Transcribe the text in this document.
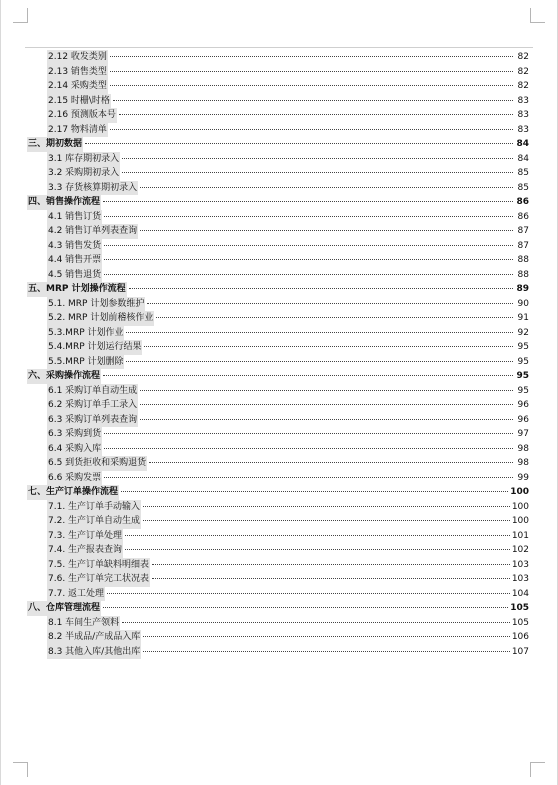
2.12 收发类别	82
2.13 销售类型	82
2.14 采购类型	82
2.15 时栅\时格	83
2.16 预测版本号	83
2.17 物料清单	83
三、期初数据	84
3.1 库存期初录入	84
3.2 采购期初录入	85
3.3 存货核算期初录入	85
四、销售操作流程	86
4.1 销售订货	86
4.2 销售订单列表查询	87
4.3 销售发货	87
4.4 销售开票	88
4.5 销售退货	88
五、MRP 计划操作流程	89
5.1. MRP 计划参数维护	90
5.2. MRP 计划前稽核作业	91
5.3.MRP 计划作业	92
5.4.MRP 计划运行结果	95
5.5.MRP 计划删除	95
六、采购操作流程	95
6.1 采购订单自动生成	95
6.2 采购订单手工录入	96
6.3 采购订单列表查询	96
6.3 采购到货	97
6.4 采购入库	98
6.5 到货拒收和采购退货	98
6.6 采购发票	99
七、生产订单操作流程	100
7.1. 生产订单手动输入	100
7.2. 生产订单自动生成	100
7.3. 生产订单处理	101
7.4. 生产报表查询	102
7.5. 生产订单缺料明细表	103
7.6. 生产订单完工状况表	103
7.7. 返工处理	104
八、仓库管理流程	105
8.1 车间生产领料	105
8.2 半成品/产成品入库	106
8.3 其他入库/其他出库	107
